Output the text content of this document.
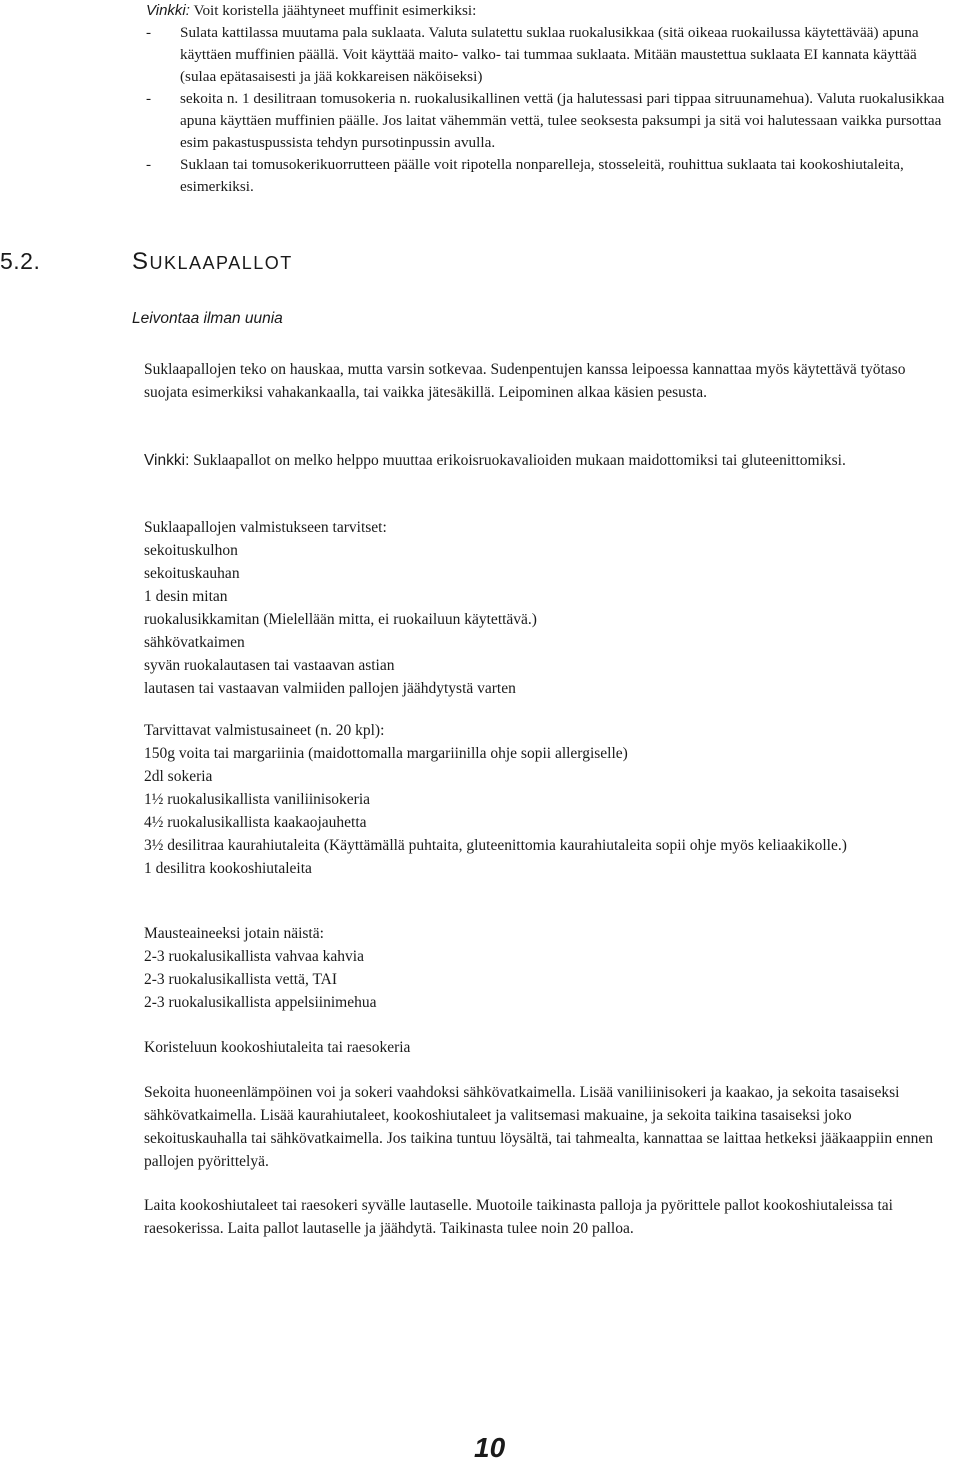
Vinkki: Voit koristella jäähtyneet muffinit esimerkiksi:

-	Sulata kattilassa muutama pala suklaata. Valuta sulatettu suklaa ruokalusikkaa (sitä oikeaa ruokailussa käytettävää) apuna käyttäen muffinien päällä. Voit käyttää maito- valko- tai tummaa suklaata. Mitään maustettua suklaata EI kannata käyttää (sulaa epätasaisesti ja jää kokkareisen näköiseksi)
-	sekoita n. 1 desilitraan tomusokeria n. ruokalusikallinen vettä (ja halutessasi pari tippaa sitruunamehua). Valuta ruokalusikkaa apuna käyttäen muffinien päälle. Jos laitat vähemmän vettä, tulee seoksesta paksumpi ja sitä voi halutessaan vaikka pursottaa esim pakastuspussista tehdyn pursotinpussin avulla.
-	Suklaan tai tomusokerikuorrutteen päälle voit ripotella nonparelleja, stosseleitä, rouhittua suklaata tai kookoshiutaleita, esimerkiksi.
5.2.	SUKLAAPALLOT
Leivontaa ilman uunia

Suklaapallojen teko on hauskaa, mutta varsin sotkevaa. Sudenpentujen kanssa leipoessa kannattaa myös käytettävä työtaso suojata esimerkiksi vahakankaalla, tai vaikka jätesäkillä. Leipominen alkaa käsien pesusta.

Vinkki: Suklaapallot on melko helppo muuttaa erikoisruokavalioiden mukaan maidottomiksi tai gluteenittomiksi.

Suklaapallojen valmistukseen tarvitset:

sekoituskulhon

sekoituskauhan

1 desin mitan

ruokalusikkamitan (Mielellään mitta, ei ruokailuun käytettävä.)

sähkövatkaimen

syvän ruokalautasen tai vastaavan astian

lautasen tai vastaavan valmiiden pallojen jäähdytystä varten

Tarvittavat valmistusaineet (n. 20 kpl):

150g voita tai margariinia (maidottomalla margariinilla ohje sopii allergiselle)

2dl sokeria

1½ ruokalusikallista vaniliinisokeria

4½ ruokalusikallista kaakaojauhetta

3½ desilitraa kaurahiutaleita (Käyttämällä puhtaita, gluteenittomia kaurahiutaleita sopii ohje myös keliaakikolle.)

1 desilitra kookoshiutaleita

Mausteaineeksi jotain näistä:

2-3 ruokalusikallista vahvaa kahvia

2-3 ruokalusikallista vettä, TAI

2-3 ruokalusikallista appelsiinimehua

Koristeluun kookoshiutaleita tai raesokeria

Sekoita huoneenlämpöinen voi ja sokeri vaahdoksi sähkövatkaimella. Lisää vaniliinisokeri ja kaakao, ja sekoita tasaiseksi sähkövatkaimella. Lisää kaurahiutaleet, kookoshiutaleet ja valitsemasi makuaine, ja sekoita taikina tasaiseksi joko sekoituskauhalla tai sähkövatkaimella. Jos taikina tuntuu löysältä, tai tahmealta, kannattaa se laittaa hetkeksi jääkaappiin ennen pallojen pyörittelyä.

Laita kookoshiutaleet tai raesokeri syvälle lautaselle. Muotoile taikinasta palloja ja pyörittele pallot kookoshiutaleissa tai raesokerissa. Laita pallot lautaselle ja jäähdytä. Taikinasta tulee noin 20 palloa.

10
